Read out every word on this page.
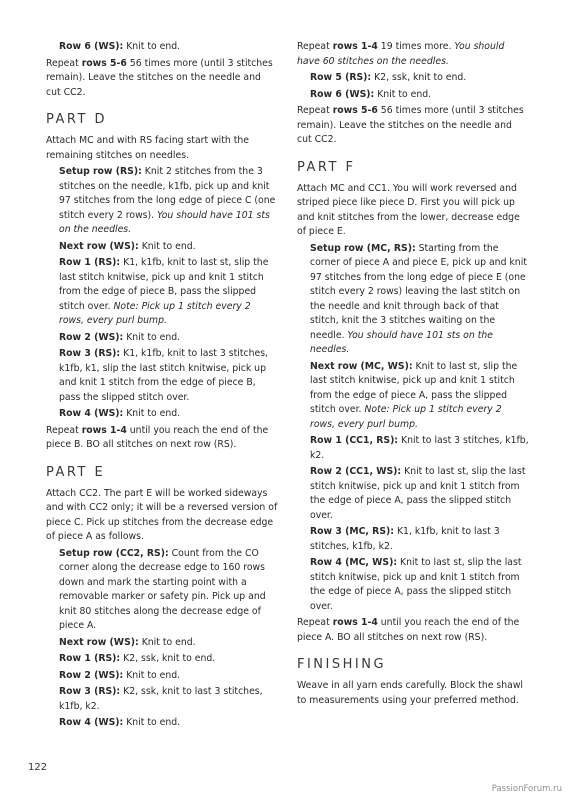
Row 6 (WS): Knit to end.

Repeat rows 5-6 56 times more (until 3 stitches remain). Leave the stitches on the needle and cut CC2.

PART D

Attach MC and with RS facing start with the remaining stitches on needles.

Setup row (RS): Knit 2 stitches from the 3 stitches on the needle, k1fb, pick up and knit 97 stitches from the long edge of piece C (one stitch every 2 rows). You should have 101 sts on the needles.

Next row (WS): Knit to end.

Row 1 (RS): K1, k1fb, knit to last st, slip the last stitch knitwise, pick up and knit 1 stitch from the edge of piece B, pass the slipped stitch over. Note: Pick up 1 stitch every 2 rows, every purl bump.

Row 2 (WS): Knit to end.

Row 3 (RS): K1, k1fb, knit to last 3 stitches, k1fb, k1, slip the last stitch knitwise, pick up and knit 1 stitch from the edge of piece B, pass the slipped stitch over.

Row 4 (WS): Knit to end.

Repeat rows 1-4 until you reach the end of the piece B. BO all stitches on next row (RS).

PART E

Attach CC2. The part E will be worked sideways and with CC2 only; it will be a reversed version of piece C. Pick up stitches from the decrease edge of piece A as follows.

Setup row (CC2, RS): Count from the CO corner along the decrease edge to 160 rows down and mark the starting point with a removable marker or safety pin. Pick up and knit 80 stitches along the decrease edge of piece A.

Next row (WS): Knit to end.

Row 1 (RS): K2, ssk, knit to end.

Row 2 (WS): Knit to end.

Row 3 (RS): K2, ssk, knit to last 3 stitches, k1fb, k2.

Row 4 (WS): Knit to end.

Repeat rows 1-4 19 times more. You should have 60 stitches on the needles.

Row 5 (RS): K2, ssk, knit to end.

Row 6 (WS): Knit to end.

Repeat rows 5-6 56 times more (until 3 stitches remain). Leave the stitches on the needle and cut CC2.

PART F

Attach MC and CC1. You will work reversed and striped piece like piece D. First you will pick up and knit stitches from the lower, decrease edge of piece E.

Setup row (MC, RS): Starting from the corner of piece A and piece E, pick up and knit 97 stitches from the long edge of piece E (one stitch every 2 rows) leaving the last stitch on the needle and knit through back of that stitch, knit the 3 stitches waiting on the needle. You should have 101 sts on the needles.

Next row (MC, WS): Knit to last st, slip the last stitch knitwise, pick up and knit 1 stitch from the edge of piece A, pass the slipped stitch over. Note: Pick up 1 stitch every 2 rows, every purl bump.

Row 1 (CC1, RS): Knit to last 3 stitches, k1fb, k2.

Row 2 (CC1, WS): Knit to last st, slip the last stitch knitwise, pick up and knit 1 stitch from the edge of piece A, pass the slipped stitch over.

Row 3 (MC, RS): K1, k1fb, knit to last 3 stitches, k1fb, k2.

Row 4 (MC, WS): Knit to last st, slip the last stitch knitwise, pick up and knit 1 stitch from the edge of piece A, pass the slipped stitch over.

Repeat rows 1-4 until you reach the end of the piece A. BO all stitches on next row (RS).

FINISHING

Weave in all yarn ends carefully. Block the shawl to measurements using your preferred method.

122
PassionForum.ru
